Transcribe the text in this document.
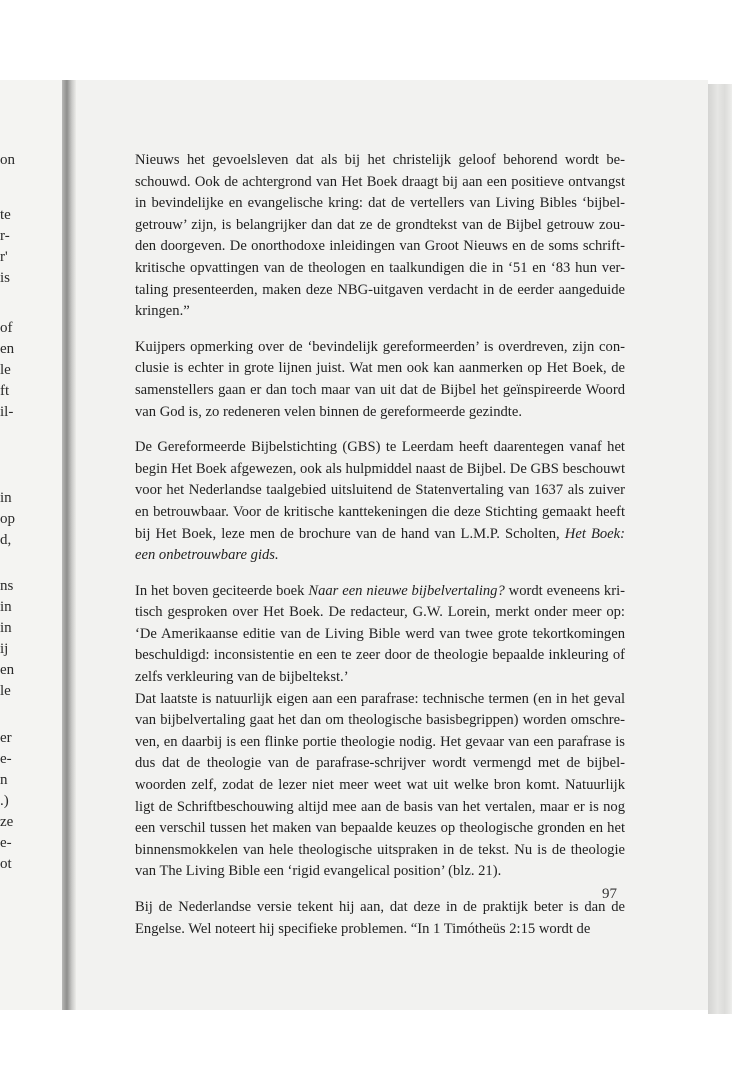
on
te
r-
r'
is
of
en
le
ft
il-
in
op
d,
ns
in
in
ij
en
le
er
e-
n
.)
ze
e-
ot

Nieuws het gevoelsleven dat als bij het christelijk geloof behorend wordt be-schouwd. Ook de achtergrond van Het Boek draagt bij aan een positieve ontvangst in bevindelijke en evangelische kring: dat de vertellers van Living Bibles ‘bijbel-getrouw’ zijn, is belangrijker dan dat ze de grondtekst van de Bijbel getrouw zou-den doorgeven. De onorthodoxe inleidingen van Groot Nieuws en de soms schrift-kritische opvattingen van de theologen en taalkundigen die in ‘51 en ‘83 hun ver-taling presenteerden, maken deze NBG-uitgaven verdacht in de eerder aangeduide kringen.”

Kuijpers opmerking over de ‘bevindelijk gereformeerden’ is overdreven, zijn con-clusie is echter in grote lijnen juist. Wat men ook kan aanmerken op Het Boek, de samenstellers gaan er dan toch maar van uit dat de Bijbel het geïnspireerde Woord van God is, zo redeneren velen binnen de gereformeerde gezindte.

De Gereformeerde Bijbelstichting (GBS) te Leerdam heeft daarentegen vanaf het begin Het Boek afgewezen, ook als hulpmiddel naast de Bijbel. De GBS beschouwt voor het Nederlandse taalgebied uitsluitend de Statenvertaling van 1637 als zuiver en betrouwbaar. Voor de kritische kanttekeningen die deze Stichting gemaakt heeft bij Het Boek, leze men de brochure van de hand van L.M.P. Scholten, Het Boek: een onbetrouwbare gids.

In het boven geciteerde boek Naar een nieuwe bijbelvertaling? wordt eveneens kri-tisch gesproken over Het Boek. De redacteur, G.W. Lorein, merkt onder meer op: ‘De Amerikaanse editie van de Living Bible werd van twee grote tekortkomingen beschuldigd: inconsistentie en een te zeer door de theologie bepaalde inkleuring of zelfs verkleuring van de bijbeltekst.’

Dat laatste is natuurlijk eigen aan een parafrase: technische termen (en in het geval van bijbelvertaling gaat het dan om theologische basisbegrippen) worden omschre-ven, en daarbij is een flinke portie theologie nodig. Het gevaar van een parafrase is dus dat de theologie van de parafrase-schrijver wordt vermengd met de bijbel-woorden zelf, zodat de lezer niet meer weet wat uit welke bron komt. Natuurlijk ligt de Schriftbeschouwing altijd mee aan de basis van het vertalen, maar er is nog een verschil tussen het maken van bepaalde keuzes op theologische gronden en het binnensmokkelen van hele theologische uitspraken in de tekst. Nu is de theologie van The Living Bible een ‘rigid evangelical position’ (blz. 21).

Bij de Nederlandse versie tekent hij aan, dat deze in de praktijk beter is dan de Engelse. Wel noteert hij specifieke problemen. “In 1 Timótheüs 2:15 wordt de

97
